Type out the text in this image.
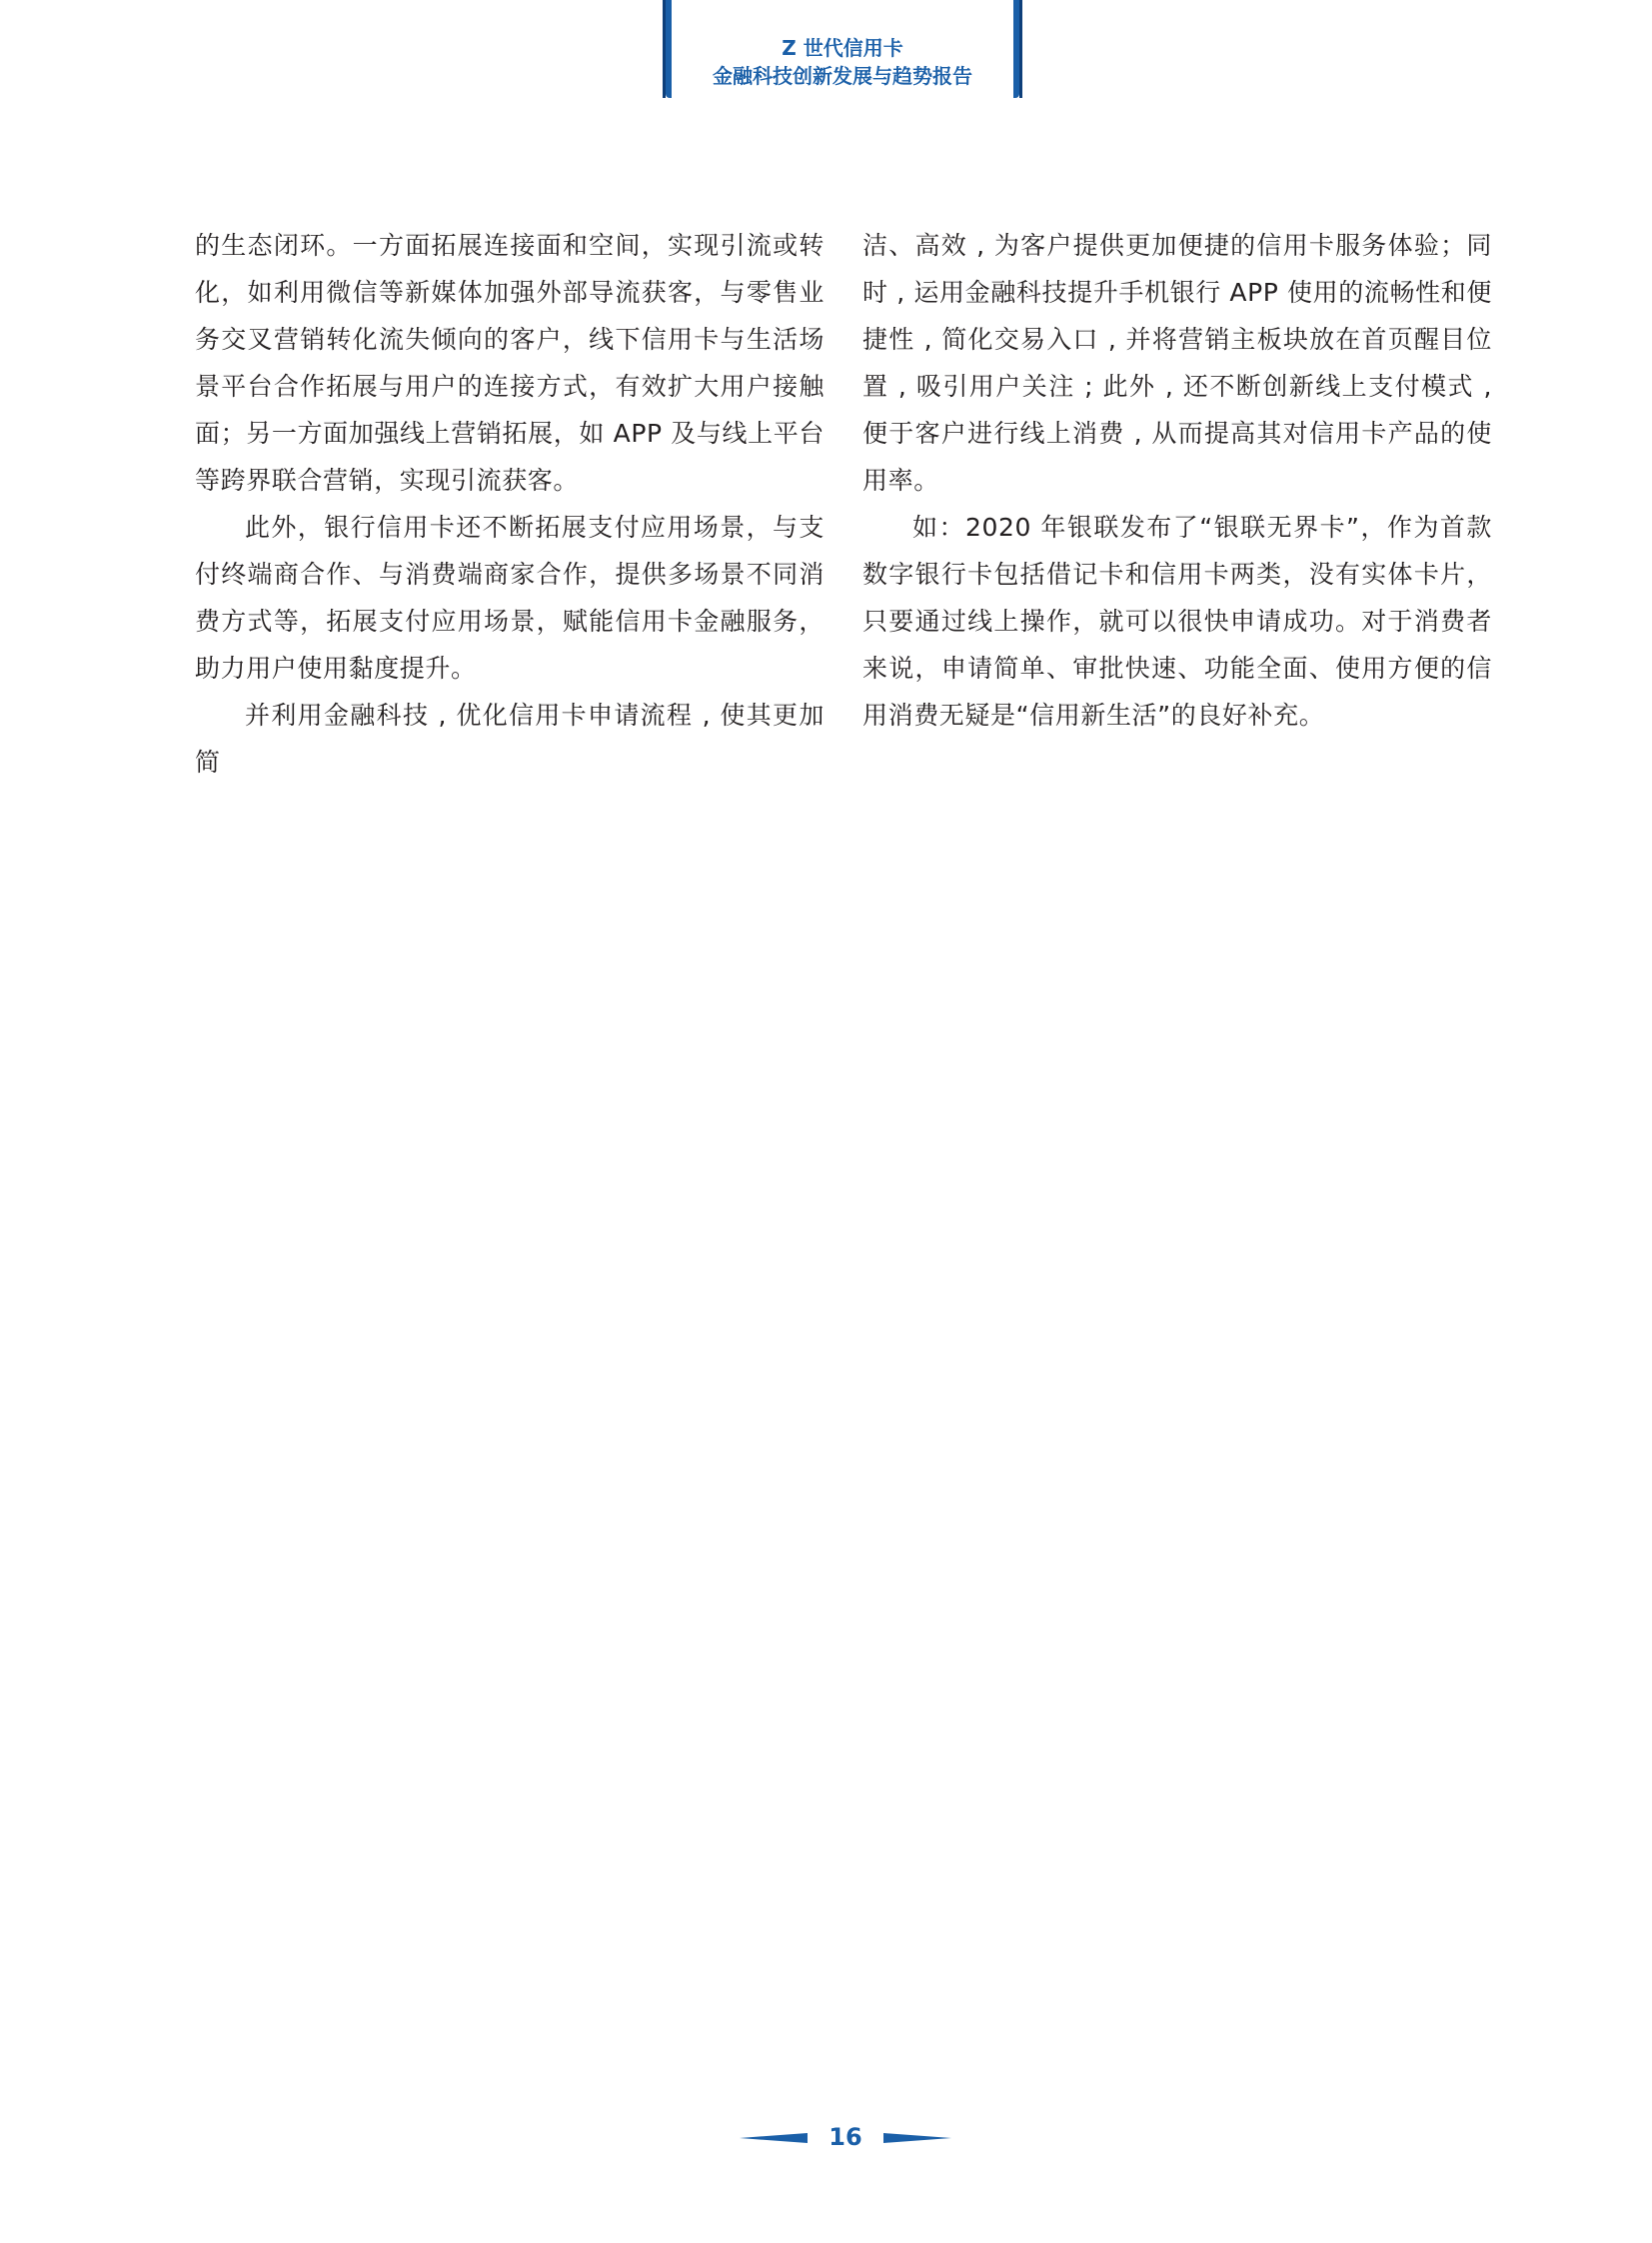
Z 世代信用卡
金融科技创新发展与趋势报告

的生态闭环。一方面拓展连接面和空间，实现引流或转化，如利用微信等新媒体加强外部导流获客，与零售业务交叉营销转化流失倾向的客户，线下信用卡与生活场景平台合作拓展与用户的连接方式，有效扩大用户接触面；另一方面加强线上营销拓展，如 APP 及与线上平台等跨界联合营销，实现引流获客。

此外，银行信用卡还不断拓展支付应用场景，与支付终端商合作、与消费端商家合作，提供多场景不同消费方式等，拓展支付应用场景，赋能信用卡金融服务，助力用户使用黏度提升。

并利用金融科技 , 优化信用卡申请流程 , 使其更加简

洁、高效 , 为客户提供更加便捷的信用卡服务体验；同时 , 运用金融科技提升手机银行 APP 使用的流畅性和便捷性 , 简化交易入口 , 并将营销主板块放在首页醒目位置 , 吸引用户关注 ; 此外 , 还不断创新线上支付模式 , 便于客户进行线上消费 , 从而提高其对信用卡产品的使用率。

如：2020 年银联发布了“银联无界卡”，作为首款数字银行卡包括借记卡和信用卡两类，没有实体卡片，只要通过线上操作，就可以很快申请成功。对于消费者来说，申请简单、审批快速、功能全面、使用方便的信用消费无疑是“信用新生活”的良好补充。

16
